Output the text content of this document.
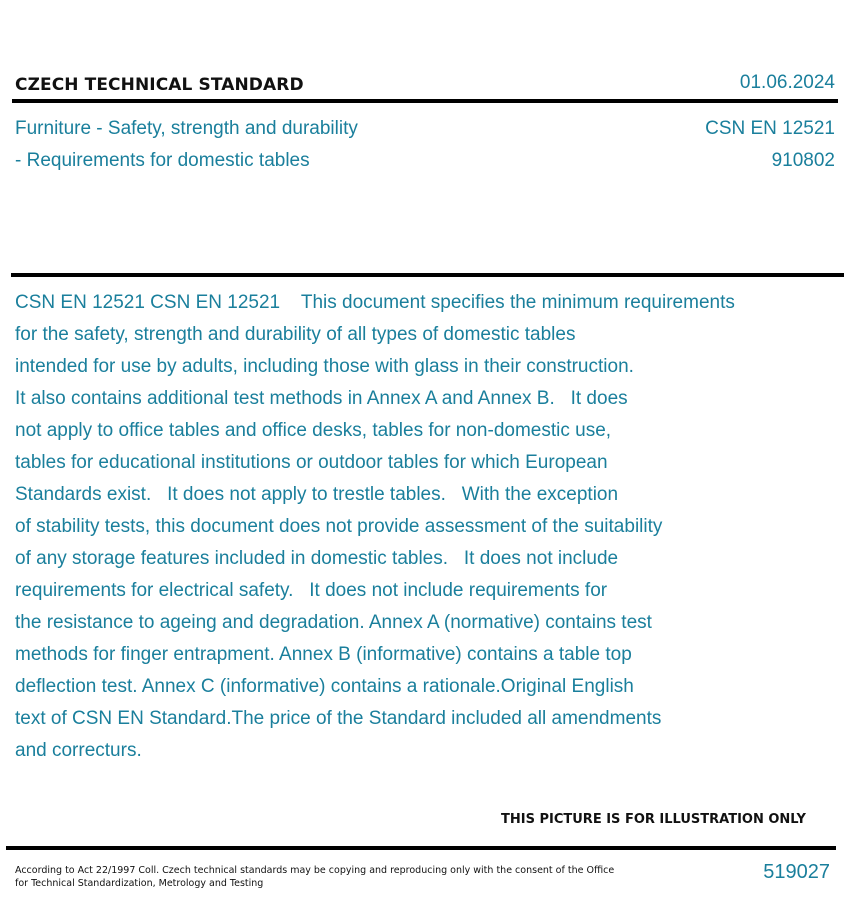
CZECH TECHNICAL STANDARD	01.06.2024
Furniture - Safety, strength and durability
- Requirements for domestic tables
CSN EN 12521
910802
CSN EN 12521 CSN EN 12521    This document specifies the minimum requirements
for the safety, strength and durability of all types of domestic tables
intended for use by adults, including those with glass in their construction.
It also contains additional test methods in Annex A and Annex B.   It does
not apply to office tables and office desks, tables for non-domestic use,
tables for educational institutions or outdoor tables for which European
Standards exist.   It does not apply to trestle tables.   With the exception
of stability tests, this document does not provide assessment of the suitability
of any storage features included in domestic tables.   It does not include
requirements for electrical safety.   It does not include requirements for
the resistance to ageing and degradation. Annex A (normative) contains test
methods for finger entrapment. Annex B (informative) contains a table top
deflection test. Annex C (informative) contains a rationale.Original English
text of CSN EN Standard.The price of the Standard included all amendments
and correcturs.
THIS PICTURE IS FOR ILLUSTRATION ONLY
According to Act 22/1997 Coll. Czech technical standards may be copying and reproducing only with the consent of the Office
for Technical Standardization, Metrology and Testing
519027
